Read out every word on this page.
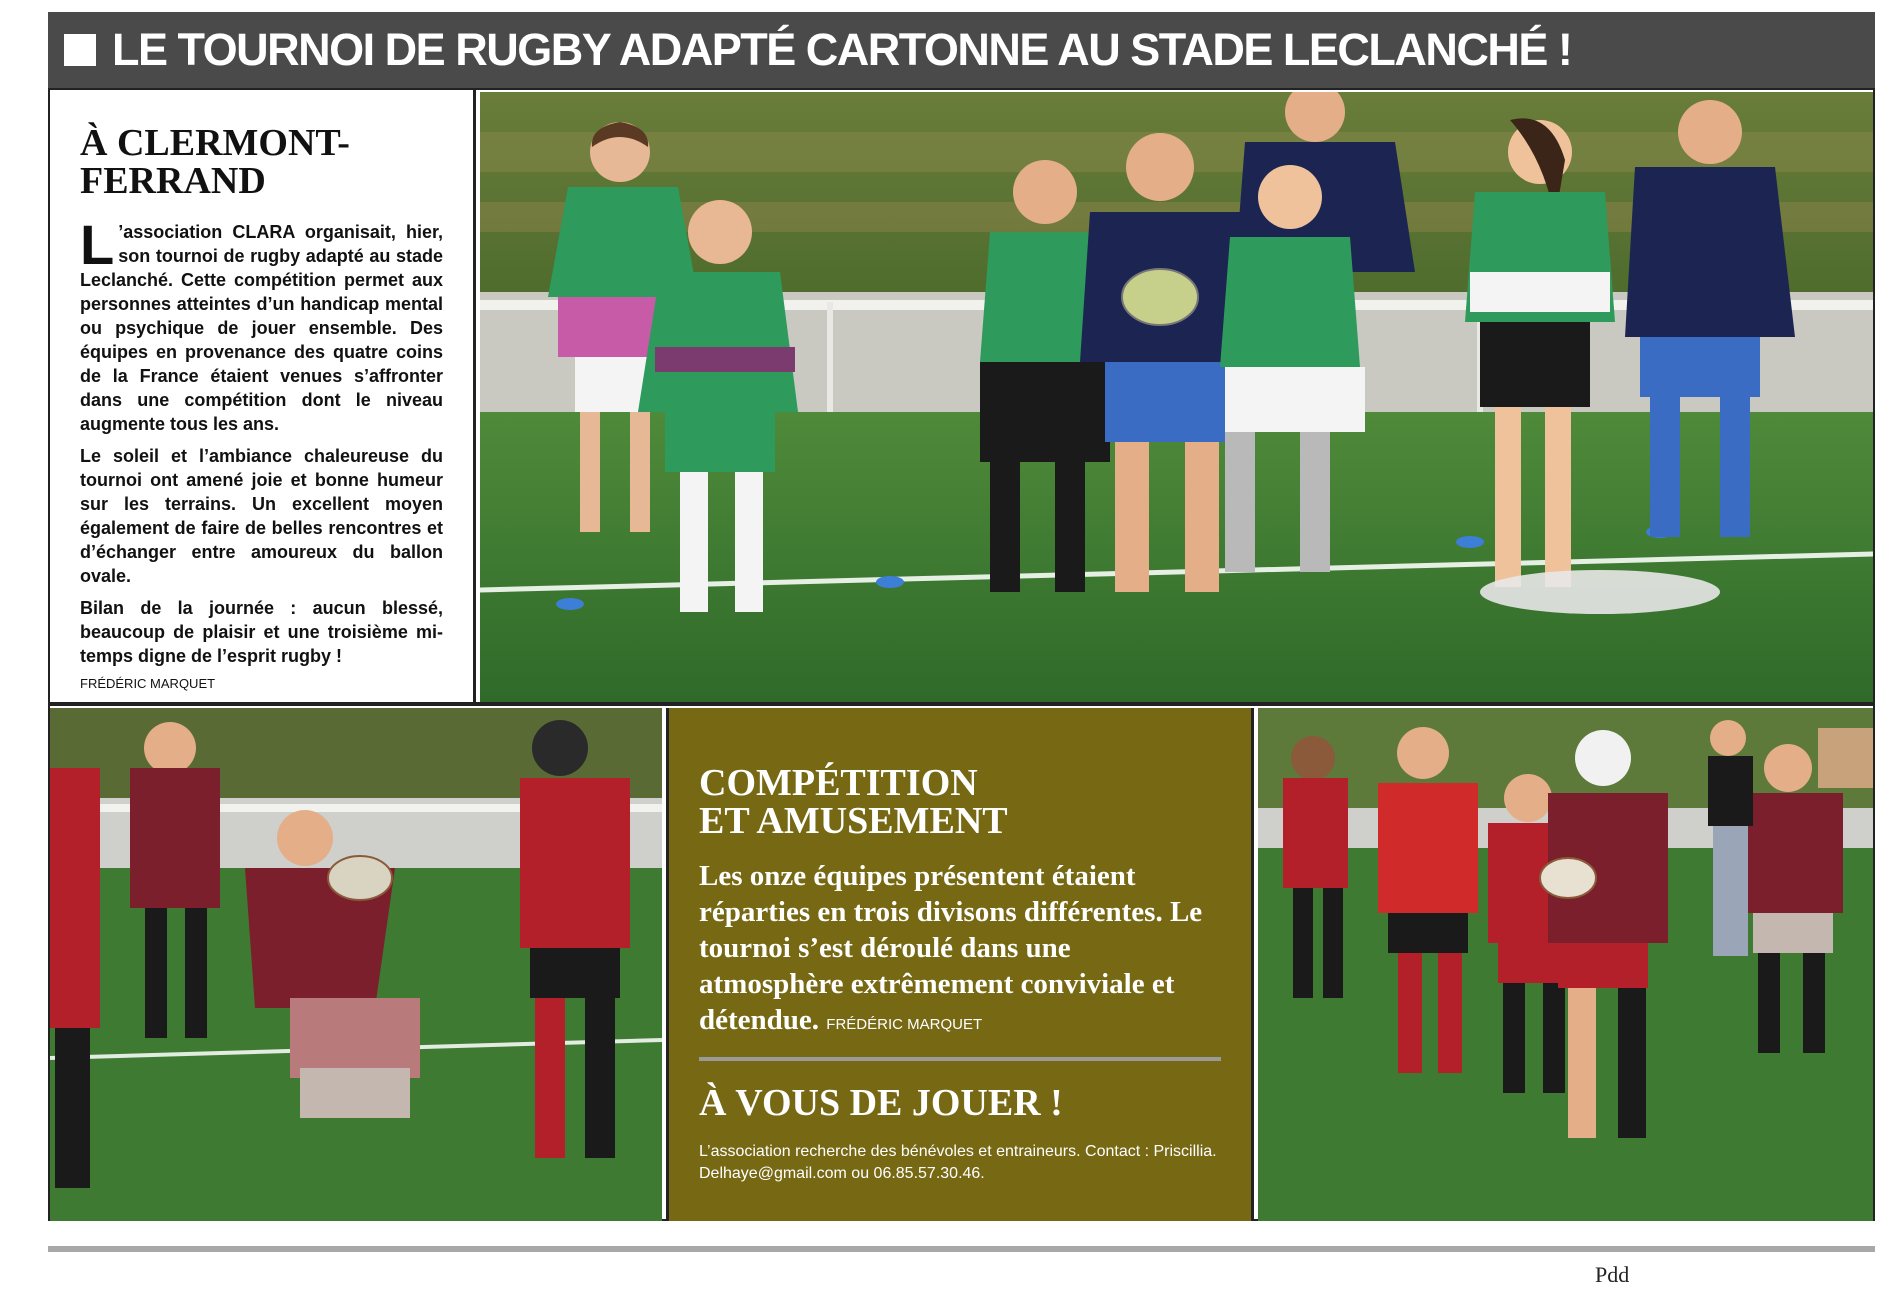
LE TOURNOI DE RUGBY ADAPTÉ CARTONNE AU STADE LECLANCHÉ !
À CLERMONT-FERRAND

L ’association CLARA organisait, hier, son tournoi de rugby adapté au stade Leclanché. Cette compétition permet aux personnes atteintes d’un handicap mental ou psychique de jouer ensemble. Des équipes en provenance des quatre coins de la France étaient venues s’affronter dans une compétition dont le niveau augmente tous les ans.

Le soleil et l’ambiance chaleureuse du tournoi ont amené joie et bonne humeur sur les terrains. Un excellent moyen également de faire de belles rencontres et d’échanger entre amoureux du ballon ovale.

Bilan de la journée : aucun blessé, beaucoup de plaisir et une troisième mi-temps digne de l’esprit rugby !

FRÉDÉRIC MARQUET
COMPÉTITION
ET AMUSEMENT
Les onze équipes présentent étaient réparties en trois divisons différentes. Le tournoi s’est déroulé dans une atmosphère extrêmement conviviale et détendue. FRÉDÉRIC MARQUET
À VOUS DE JOUER !
L’association recherche des bénévoles et entraineurs. Contact : Priscillia. Delhaye@gmail.com ou 06.85.57.30.46.
Pdd
